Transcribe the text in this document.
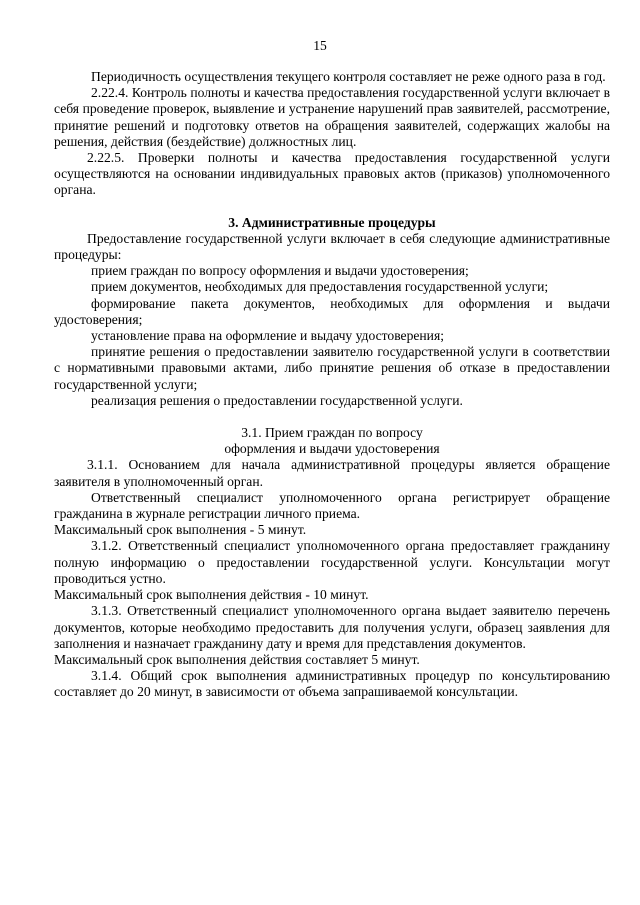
15

Периодичность осуществления текущего контроля составляет не реже одного раза в год.

2.22.4. Контроль полноты и качества предоставления государственной услуги включает в себя проведение проверок, выявление и устранение нарушений прав заявителей, рассмотрение, принятие решений и подготовку ответов на обращения заявителей, содержащих жалобы на решения, действия (бездействие) должностных лиц.

2.22.5. Проверки полноты и качества предоставления государственной услуги осуществляются на основании индивидуальных правовых актов (приказов) уполномоченного органа.

3. Административные процедуры

Предоставление государственной услуги включает в себя следующие административные процедуры:

прием граждан по вопросу оформления и выдачи удостоверения;

прием документов, необходимых для предоставления государственной услуги;

формирование пакета документов, необходимых для оформления и выдачи удостоверения;

установление права на оформление и выдачу удостоверения;

принятие решения о предоставлении заявителю государственной услуги в соответствии с нормативными правовыми актами, либо принятие решения об отказе в предоставлении государственной услуги;

реализация решения о предоставлении государственной услуги.

3.1. Прием граждан по вопросу

оформления и выдачи удостоверения

3.1.1. Основанием для начала административной процедуры является обращение заявителя в уполномоченный орган.

Ответственный специалист уполномоченного органа регистрирует обращение гражданина в журнале регистрации личного приема.

Максимальный срок выполнения - 5 минут.

3.1.2. Ответственный специалист уполномоченного органа предоставляет гражданину полную информацию о предоставлении государственной услуги. Консультации могут проводиться устно.

Максимальный срок выполнения действия - 10 минут.

3.1.3. Ответственный специалист уполномоченного органа выдает заявителю перечень документов, которые необходимо предоставить для получения услуги, образец заявления для заполнения и назначает гражданину дату и время для представления документов.

Максимальный срок выполнения действия составляет 5 минут.

3.1.4. Общий срок выполнения административных процедур по консультированию составляет до 20 минут, в зависимости от объема запрашиваемой консультации.
